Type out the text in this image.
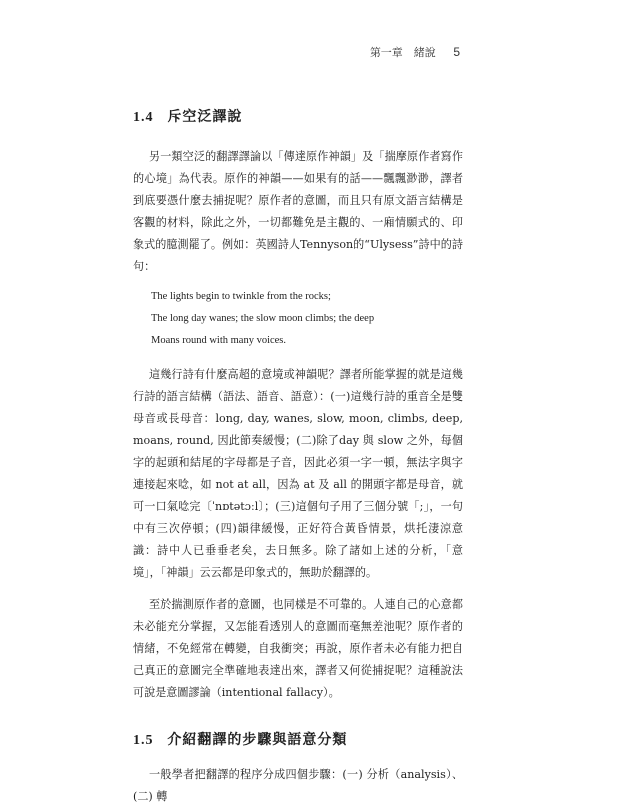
第一章　緒說 5
1.4 斥空泛譯說

另一類空泛的翻譯譯論以「傳達原作神韻」及「揣摩原作者寫作的心境」為代表。原作的神韻——如果有的話——飄飄渺渺，譯者到底要憑什麼去捕捉呢？原作者的意圖，而且只有原文語言結構是客觀的材料，除此之外，一切都難免是主觀的、一廂情願式的、印象式的臆測罷了。例如：英國詩人Tennyson的“Ulysess”詩中的詩句：

The lights begin to twinkle from the rocks;
The long day wanes; the slow moon climbs; the deep
Moans round with many voices.

這幾行詩有什麼高超的意境或神韻呢？譯者所能掌握的就是這幾行詩的語言結構（語法、語音、語意）：(一)這幾行詩的重音全是雙母音或長母音：long, day, wanes, slow, moon, climbs, deep, moans, round, 因此節奏緩慢；(二)除了day 與 slow 之外，每個字的起頭和結尾的字母都是子音，因此必須一字一頓，無法字與字連接起來唸，如 not at all，因為 at 及 all 的開頭字都是母音，就可一口氣唸完〔ˈnɒtətɔːl〕；(三)這個句子用了三個分號「;」，一句中有三次停頓；(四)韻律緩慢，正好符合黃昏情景，烘托淒涼意識：詩中人已垂垂老矣，去日無多。除了諸如上述的分析，「意境」，「神韻」云云都是印象式的，無助於翻譯的。

至於揣測原作者的意圖，也同樣是不可靠的。人連自己的心意都未必能充分掌握，又怎能看透別人的意圖而毫無差池呢？原作者的情緒，不免經常在轉變，自我衝突；再說，原作者未必有能力把自己真正的意圖完全準確地表達出來，譯者又何從捕捉呢？這種說法可說是意圖謬論（intentional fallacy）。

1.5 介紹翻譯的步驟與語意分類

一般學者把翻譯的程序分成四個步驟：(一) 分析（analysis）、(二) 轉
